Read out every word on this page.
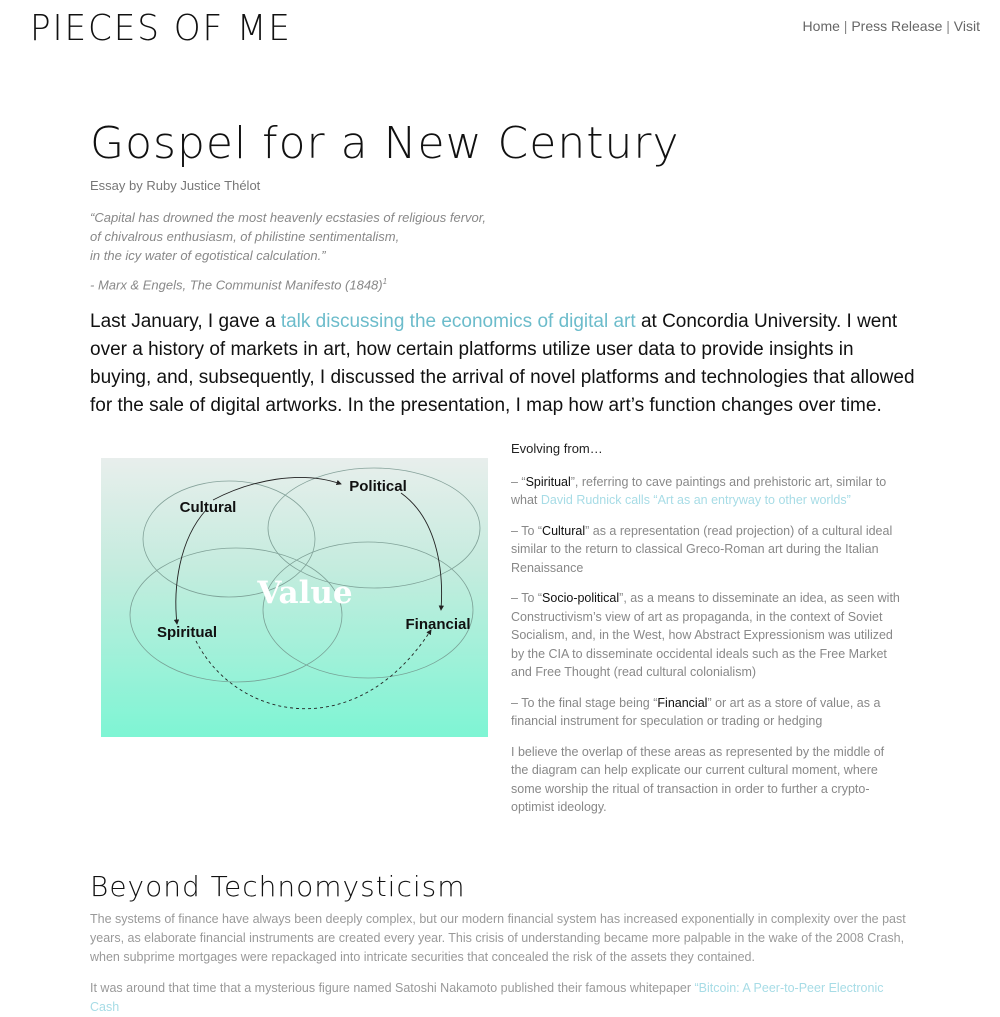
PIECES OF ME	Home | Press Release | Visit
Gospel for a New Century
Essay by Ruby Justice Thélot
“Capital has drowned the most heavenly ecstasies of religious fervor,
of chivalrous enthusiasm, of philistine sentimentalism,
in the icy water of egotistical calculation.”
- Marx & Engels, The Communist Manifesto $(1848)^1$

Last January, I gave a talk discussing the economics of digital art at Concordia University. I went over a history of markets in art, how certain platforms utilize user data to provide insights in buying, and, subsequently, I discussed the arrival of novel platforms and technologies that allowed for the sale of digital artworks. In the presentation, I map how art’s function changes over time.

Value
Cultural
Political
Spiritual	Financial

Evolving from…

– “Spiritual”, referring to cave paintings and prehistoric art, similar to what David Rudnick calls “Art as an entryway to other worlds”

– To “Cultural” as a representation (read projection) of a cultural ideal similar to the return to classical Greco-Roman art during the Italian Renaissance

– To “Socio-political”, as a means to disseminate an idea, as seen with Constructivism’s view of art as propaganda, in the context of Soviet Socialism, and, in the West, how Abstract Expressionism was utilized by the CIA to disseminate occidental ideals such as the Free Market and Free Thought (read cultural colonialism)

– To the final stage being “Financial” or art as a store of value, as a financial instrument for speculation or trading or hedging

I believe the overlap of these areas as represented by the middle of the diagram can help explicate our current cultural moment, where some worship the ritual of transaction in order to further a crypto-optimist ideology.

Beyond Technomysticism

The systems of finance have always been deeply complex, but our modern financial system has increased exponentially in complexity over the past years, as elaborate financial instruments are created every year. This crisis of understanding became more palpable in the wake of the 2008 Crash, when subprime mortgages were repackaged into intricate securities that concealed the risk of the assets they contained.

It was around that time that a mysterious figure named Satoshi Nakamoto published their famous whitepaper “Bitcoin: A Peer-to-Peer Electronic Cash
